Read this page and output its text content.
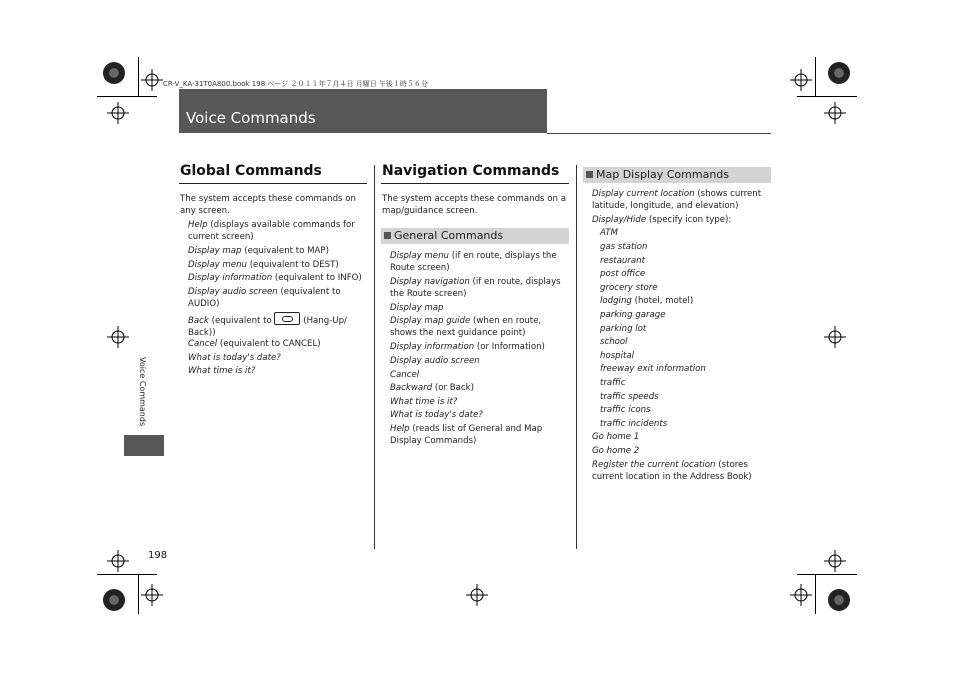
CR-V_KA-31T0A800.book 198 ページ ２０１１年７月４日 月曜日 午後１時５６分
Voice Commands
Voice Commands
198
Global Commands
The system accepts these commands on any screen.
Help (displays available commands for current screen)
Display map (equivalent to MAP)
Display menu (equivalent to DEST)
Display information (equivalent to INFO)
Display audio screen (equivalent to AUDIO)
Back (equivalent to	(Hang-Up/ Back))
Cancel (equivalent to CANCEL)
What is today's date?
What time is it?
Navigation Commands
The system accepts these commands on a map/guidance screen.
General Commands
Display menu (if en route, displays the Route screen)
Display navigation (if en route, displays the Route screen)
Display map
Display map guide (when en route, shows the next guidance point)
Display information (or Information)
Display audio screen
Cancel
Backward (or Back)
What time is it?
What is today's date?
Help (reads list of General and Map Display Commands)
Map Display Commands
Display current location (shows current latitude, longitude, and elevation)
Display/Hide (specify icon type):
ATM
gas station
restaurant
post office
grocery store
lodging (hotel, motel)
parking garage
parking lot
school
hospital
freeway exit information
traffic
traffic speeds
traffic icons
traffic incidents
Go home 1
Go home 2
Register the current location (stores current location in the Address Book)
